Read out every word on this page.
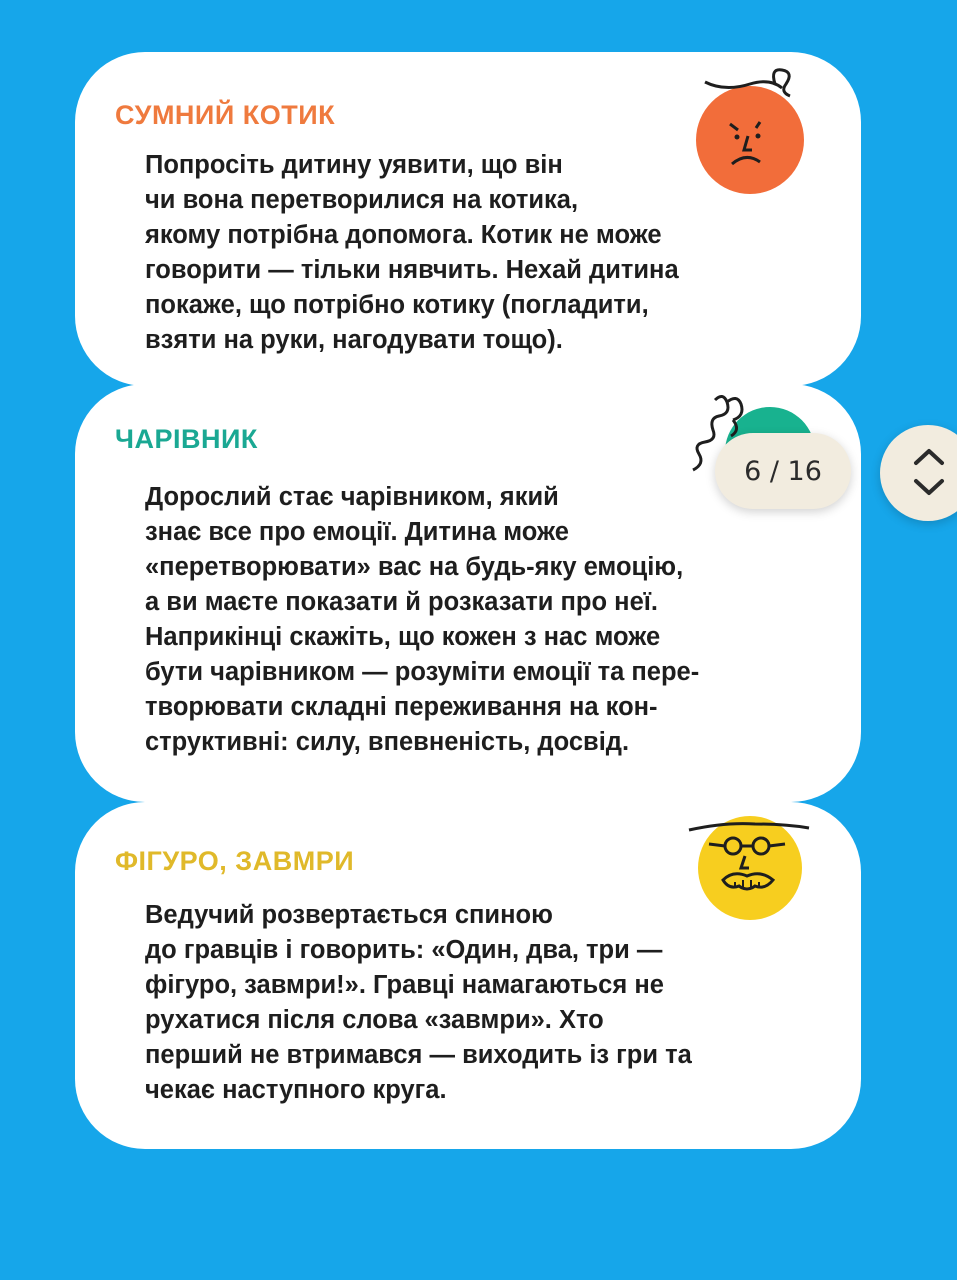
СУМНИЙ КОТИК
Попросіть дитину уявити, що він
чи вона перетворилися на котика,
якому потрібна допомога. Котик не може
говорити — тільки нявчить. Нехай дитина
покаже, що потрібно котику (погладити,
взяти на руки, нагодувати тощо).
ЧАРІВНИК
Дорослий стає чарівником, який
знає все про емоції. Дитина може
«перетворювати» вас на будь-яку емоцію,
а ви маєте показати й розказати про неї.
Наприкінці скажіть, що кожен з нас може
бути чарівником — розуміти емоції та пере-
творювати складні переживання на кон-
структивні: силу, впевненість, досвід.
ФІГУРО, ЗАВМРИ
Ведучий розвертається спиною
до гравців і говорить: «Один, два, три —
фігуро, завмри!». Гравці намагаються не
рухатися після слова «завмри». Хто
перший не втримався — виходить із гри та
чекає наступного круга.
6 / 16
